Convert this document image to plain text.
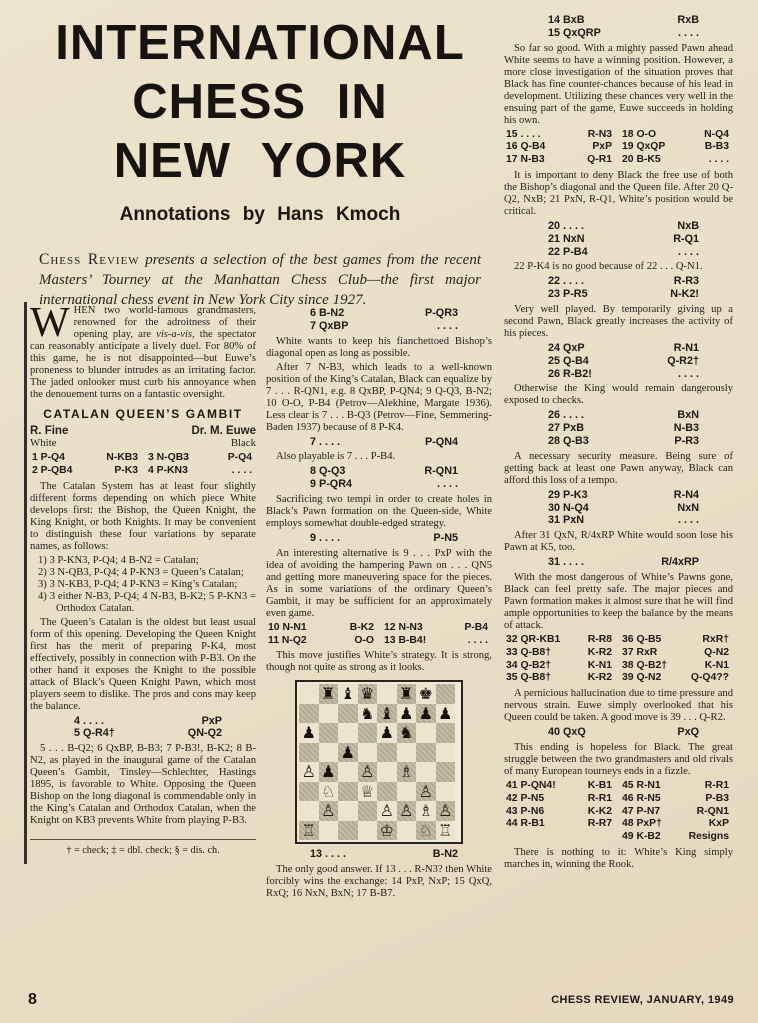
INTERNATIONAL
CHESS IN
NEW YORK
Annotations by Hans Kmoch

Chess Review presents a selection of the best games from the recent Masters’ Tourney at the Manhattan Chess Club—the first major international chess event in New York City since 1927.

WHEN two world-famous grandmasters, renowned for the adroitness of their opening play, are vis-a-vis, the spectator can reasonably anticipate a lively duel. For 80% of this game, he is not disappointed—but Euwe’s proneness to blunder intrudes as an irritating factor. The jaded onlooker must curb his annoyance when the denouement turns on a fantastic oversight.
CATALAN QUEEN’S GAMBIT
R. Fine	Dr. M. Euwe
White	Black
1 P-Q4	N-KB3 3 N-QB3	P-Q4
2 P-QB4	P-K3 4 P-KN3	. . . .
The Catalan System has at least four slightly different forms depending on which piece White develops first: the Bishop, the Queen Knight, the King Knight, or both Knights. It may be convenient to distinguish these four variations by separate names, as follows:
1) 3 P-KN3, P-Q4; 4 B-N2 = Catalan;
2) 3 N-QB3, P-Q4; 4 P-KN3 = Queen’s Catalan;
3) 3 N-KB3, P-Q4; 4 P-KN3 = King’s Catalan;
4) 3 either N-B3, P-Q4; 4 N-B3, B-K2; 5 P-KN3 = Orthodox Catalan.
The Queen’s Catalan is the oldest but least usual form of this opening. Developing the Queen Knight first has the merit of preparing P-K4, most effectively, possibly in connection with P-B3. On the other hand it exposes the Knight to the possible attack of Black’s Queen Knight Pawn, which most players seem to dislike. The pros and cons may keep the balance.
4 . . . .	PxP
5 Q-R4†	QN-Q2
5 . . . B-Q2; 6 QxBP, B-B3; 7 P-B3!, B-K2; 8 B-N2, as played in the inaugural game of the Catalan Queen’s Gambit, Tinsley—Schlechter, Hastings 1895, is favorable to White. Opposing the Queen Bishop on the long diagonal is commendable only in the King’s Catalan and Orthodox Catalan, when the Knight on KB3 prevents White from playing P-B3.
† = check; ‡ = dbl. check; § = dis. ch.
6 B-N2	P-QR3
7 QxBP	. . . .
White wants to keep his fianchettoed Bishop’s diagonal open as long as possible.
After 7 N-B3, which leads to a well-known position of the King’s Catalan, Black can equalize by 7 . . . R-QN1, e.g. 8 QxBP, P-QN4; 9 Q-Q3, B-N2; 10 O-O, P-B4 (Petrov—Alekhine, Margate 1936). Less clear is 7 . . . B-Q3 (Petrov—Fine, Semmering-Baden 1937) because of 8 P-K4.
7 . . . .	P-QN4
Also playable is 7 . . . P-B4.
8 Q-Q3	R-QN1
9 P-QR4	. . . .
Sacrificing two tempi in order to create holes in Black’s Pawn formation on the Queen-side, White employs somewhat double-edged strategy.
9 . . . .	P-N5
An interesting alternative is 9 . . . PxP with the idea of avoiding the hampering Pawn on . . . QN5 and getting more maneuvering space for the pieces. As in some variations of the ordinary Queen’s Gambit, it may be sufficient for an approximately even game.
10 N-N1	B-K2 12 N-N3	P-B4
11 N-Q2	O-O 13 B-B4!	. . . .
This move justifies White’s strategy. It is strong, though not quite as strong as it looks.
♜ ♝ ♛ ♜ ♚
♞ ♝ ♟ ♟ ♟
♟	♟ ♞
♟
♙ ♟ ♙ ♗
♘ ♕	♙
♙	♙ ♙ ♗ ♙
♖	♔ ♘ ♖
13 . . . .	B-N2
The only good answer. If 13 . . . R-N3? then White forcibly wins the exchange: 14 PxP, NxP; 15 QxQ, RxQ; 16 NxN, BxN; 17 B-B7.
14 BxB	RxB
15 QxQRP	. . . .
So far so good. With a mighty passed Pawn ahead White seems to have a winning position. However, a more close investigation of the situation proves that Black has fine counter-chances because of his lead in development. Utilizing these chances very well in the ensuing part of the game, Euwe succeeds in holding his own.
15 . . . .	R-N3 18 O-O	N-Q4
16 Q-B4	PxP 19 QxQP	B-B3
17 N-B3	Q-R1 20 B-K5	. . . .
It is important to deny Black the free use of both the Bishop’s diagonal and the Queen file. After 20 Q-Q2, NxB; 21 PxN, R-Q1, White’s position would be critical.
20 . . . .	NxB
21 NxN	R-Q1
22 P-B4	. . . .
22 P-K4 is no good because of 22 . . . Q-N1.
22 . . . .	R-R3
23 P-R5	N-K2!
Very well played. By temporarily giving up a second Pawn, Black greatly increases the activity of his pieces.
24 QxP	R-N1
25 Q-B4	Q-R2†
26 R-B2!	. . . .
Otherwise the King would remain dangerously exposed to checks.
26 . . . .	BxN
27 PxB	N-B3
28 Q-B3	P-R3
A necessary security measure. Being sure of getting back at least one Pawn anyway, Black can afford this loss of a tempo.
29 P-K3	R-N4
30 N-Q4	NxN
31 PxN	. . . .
After 31 QxN, R/4xRP White would soon lose his Pawn at K5, too.
31 . . . .	R/4xRP
With the most dangerous of White’s Pawns gone, Black can feel pretty safe. The major pieces and Pawn formation makes it almost sure that he will find ample opportunities to keep the balance by the means of attack.
32 QR-KB1	R-R8 36 Q-B5	RxR†
33 Q-B8†	K-R2 37 RxR	Q-N2
34 Q-B2†	K-N1 38 Q-B2†	K-N1
35 Q-B8†	K-R2 39 Q-N2	Q-Q4??
A pernicious hallucination due to time pressure and nervous strain. Euwe simply overlooked that his Queen could be taken. A good move is 39 . . . Q-R2.
40 QxQ	PxQ
This ending is hopeless for Black. The great struggle between the two grandmasters and old rivals of many European tourneys ends in a fizzle.
41 P-QN4!	K-B1 45 R-N1	R-R1
42 P-N5	R-R1 46 R-N5	P-B3
43 P-N6	K-K2 47 P-N7	R-QN1
44 R-B1	R-R7 48 PxP†	KxP
49 K-B2	Resigns
There is nothing to it: White’s King simply marches in, winning the Rook.
8	CHESS REVIEW, JANUARY, 1949
